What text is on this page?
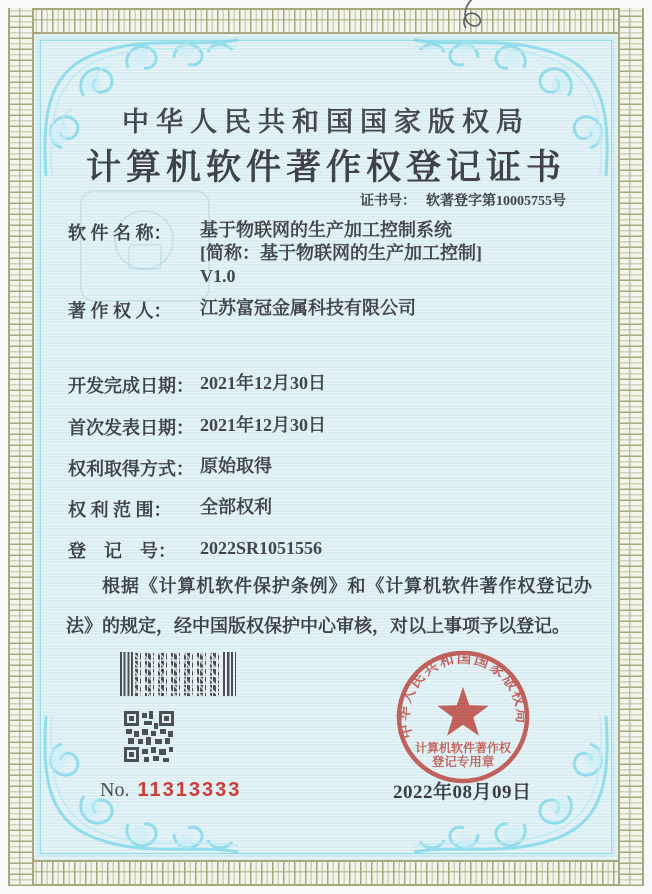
中华人民共和国国家版权局
计算机软件著作权登记证书
证书号： 软著登字第10005755号
软 件 名 称：	基于物联网的生产加工控制系统
[简称：基于物联网的生产加工控制]
V1.0
著 作 权 人：	江苏富冠金属科技有限公司
开发完成日期： 2021年12月30日
首次发表日期： 2021年12月30日
权利取得方式： 原始取得
权 利 范 围：	全部权利
登　记　号：	2022SR1051556

根据《计算机软件保护条例》和《计算机软件著作权登记办法》的规定，经中国版权保护中心审核，对以上事项予以登记。

No. 11313333
中华人民共和国国家版权局
计算机软件著作权
登记专用章
2022年08月09日
